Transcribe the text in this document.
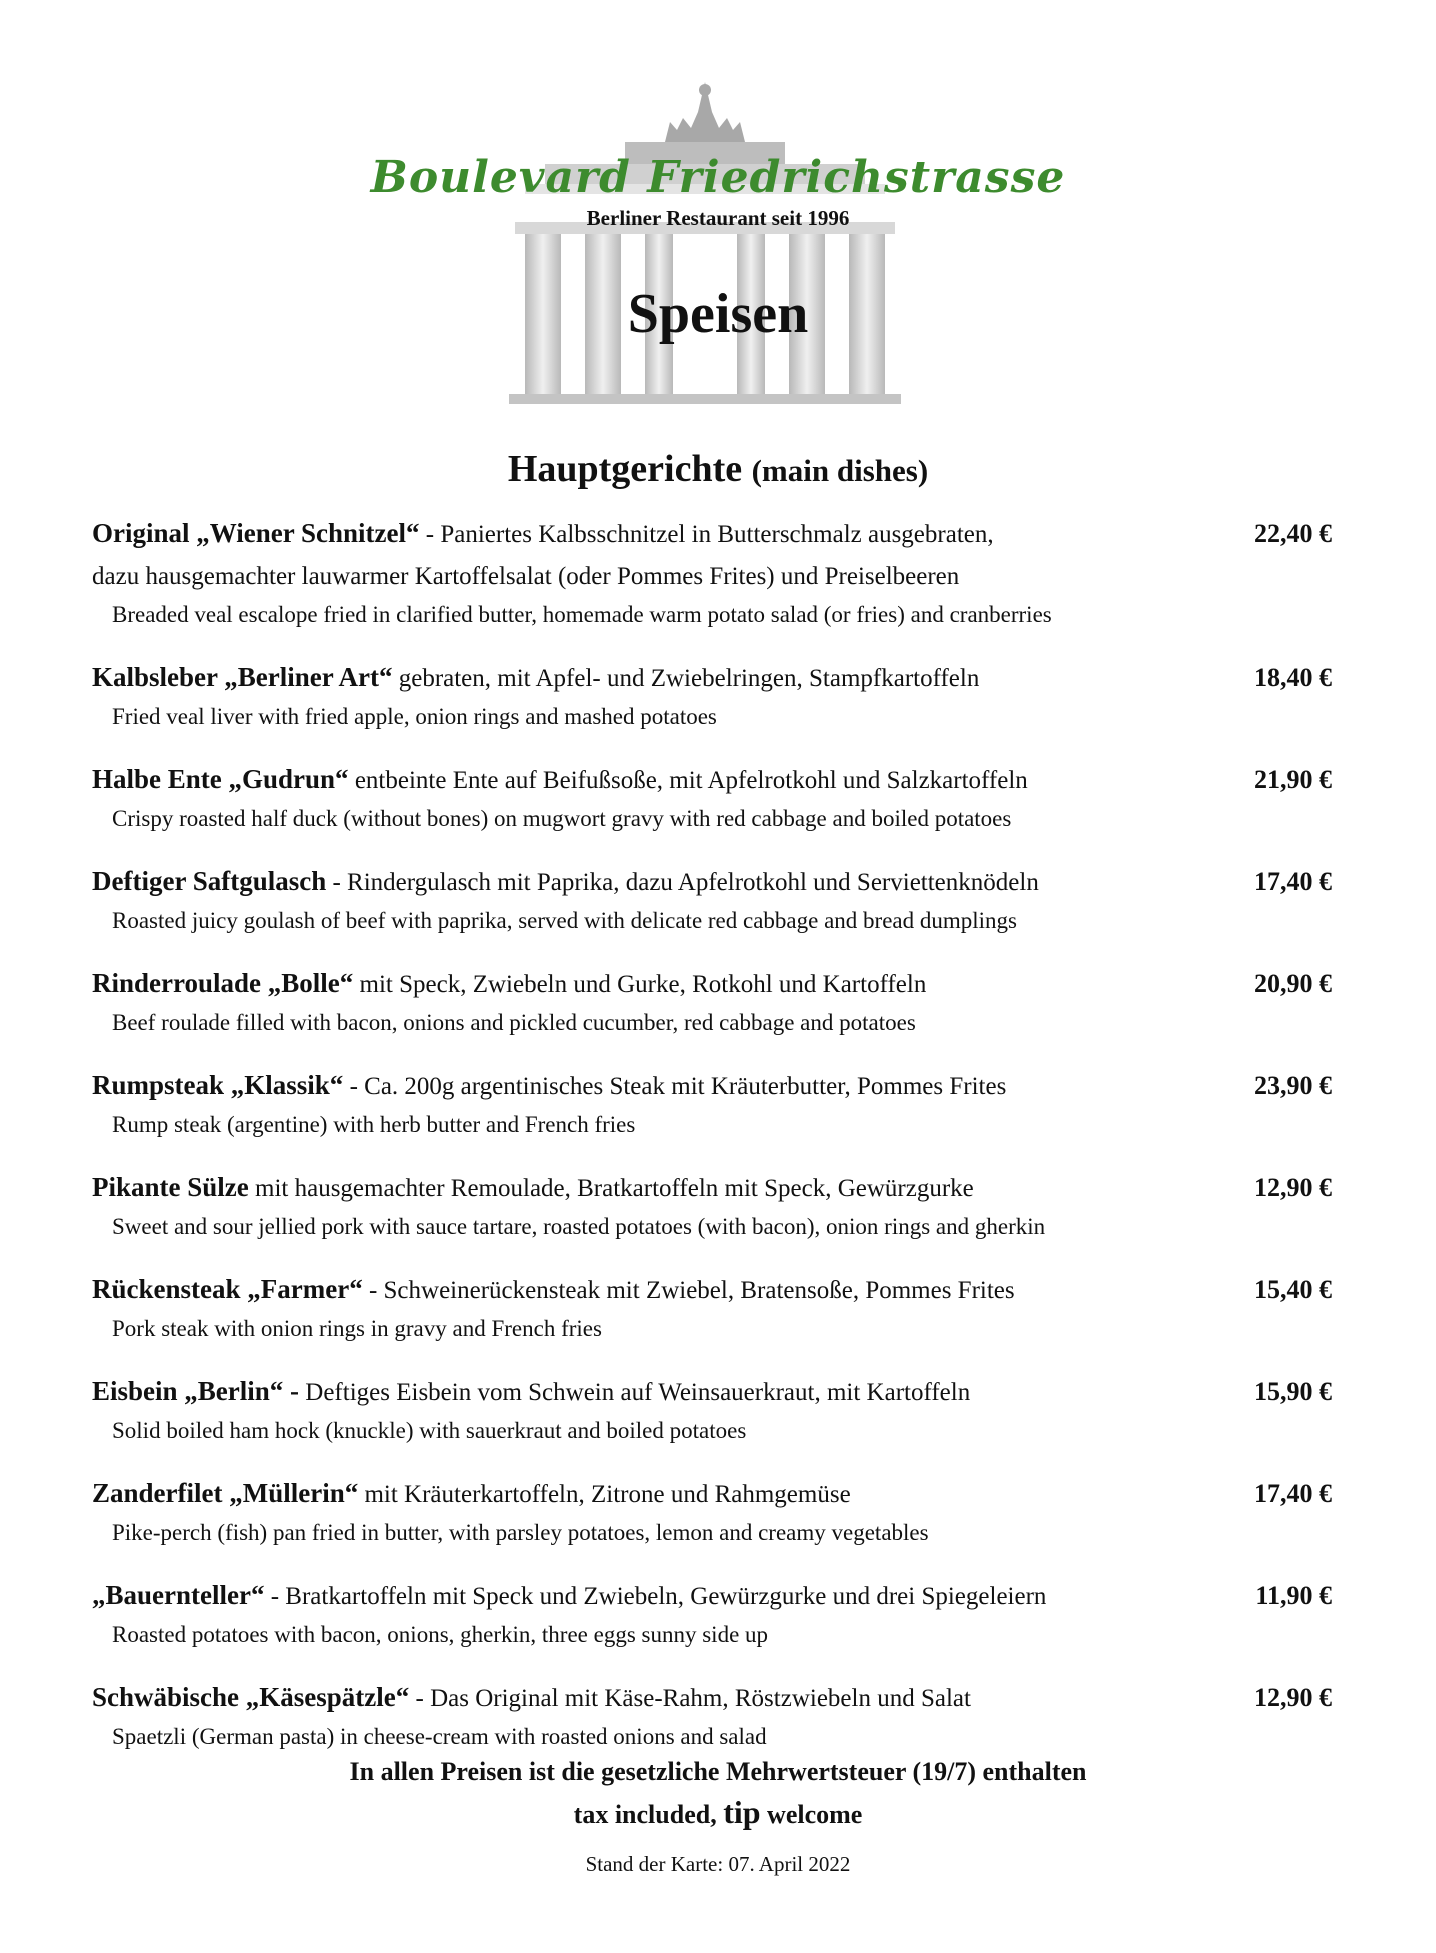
Boulevard Friedrichstrasse
Berliner Restaurant seit 1996
Speisen
Hauptgerichte (main dishes)
Original „Wiener Schnitzel“ - Paniertes Kalbsschnitzel in Butterschmalz ausgebraten,	22,40 €
dazu hausgemachter lauwarmer Kartoffelsalat (oder Pommes Frites) und Preiselbeeren
Breaded veal escalope fried in clarified butter, homemade warm potato salad (or fries) and cranberries
Kalbsleber „Berliner Art“ gebraten, mit Apfel- und Zwiebelringen, Stampfkartoffeln	18,40 €
Fried veal liver with fried apple, onion rings and mashed potatoes
Halbe Ente „Gudrun“ entbeinte Ente auf Beifußsoße, mit Apfelrotkohl und Salzkartoffeln	21,90 €
Crispy roasted half duck (without bones) on mugwort gravy with red cabbage and boiled potatoes
Deftiger Saftgulasch - Rindergulasch mit Paprika, dazu Apfelrotkohl und Serviettenknödeln	17,40 €
Roasted juicy goulash of beef with paprika, served with delicate red cabbage and bread dumplings
Rinderroulade „Bolle“ mit Speck, Zwiebeln und Gurke, Rotkohl und Kartoffeln	20,90 €
Beef roulade filled with bacon, onions and pickled cucumber, red cabbage and potatoes
Rumpsteak „Klassik“ - Ca. 200g argentinisches Steak mit Kräuterbutter, Pommes Frites	23,90 €
Rump steak (argentine) with herb butter and French fries
Pikante Sülze mit hausgemachter Remoulade, Bratkartoffeln mit Speck, Gewürzgurke	12,90 €
Sweet and sour jellied pork with sauce tartare, roasted potatoes (with bacon), onion rings and gherkin
Rückensteak „Farmer“ - Schweinerückensteak mit Zwiebel, Bratensoße, Pommes Frites	15,40 €
Pork steak with onion rings in gravy and French fries
Eisbein „Berlin“ - Deftiges Eisbein vom Schwein auf Weinsauerkraut, mit Kartoffeln	15,90 €
Solid boiled ham hock (knuckle) with sauerkraut and boiled potatoes
Zanderfilet „Müllerin“ mit Kräuterkartoffeln, Zitrone und Rahmgemüse	17,40 €
Pike-perch (fish) pan fried in butter, with parsley potatoes, lemon and creamy vegetables
„Bauernteller“ - Bratkartoffeln mit Speck und Zwiebeln, Gewürzgurke und drei Spiegeleiern	11,90 €
Roasted potatoes with bacon, onions, gherkin, three eggs sunny side up
Schwäbische „Käsespätzle“ - Das Original mit Käse-Rahm, Röstzwiebeln und Salat	12,90 €
Spaetzli (German pasta) in cheese-cream with roasted onions and salad
In allen Preisen ist die gesetzliche Mehrwertsteuer (19/7) enthalten
tax included, tip welcome
Stand der Karte: 07. April 2022
